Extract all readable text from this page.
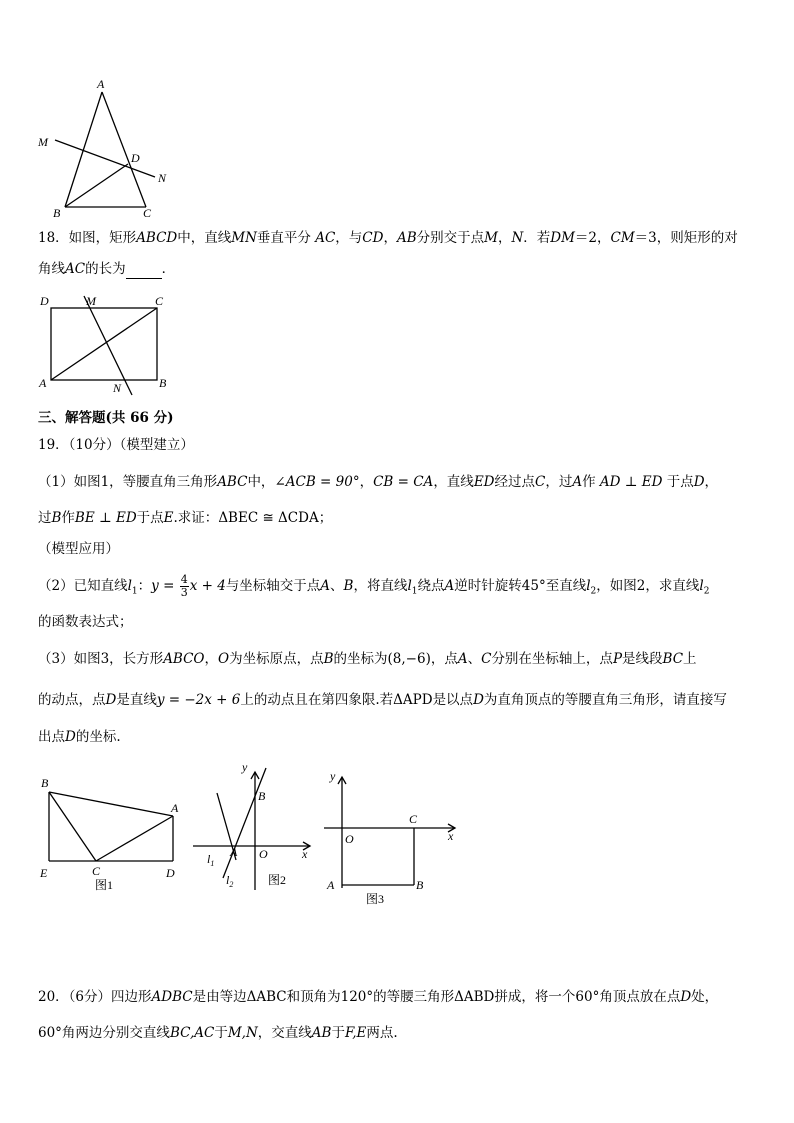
A
M
D
N
B	C
18．如图，矩形ABCD中，直线MN垂直平分 AC，与CD，AB分别交于点M，N．若DM＝2，CM＝3，则矩形的对
角线AC的长为	．
D	M	C
A	N	B
三、解答题(共 66 分)
19．（10分）（模型建立）
（1）如图1，等腰直角三角形ABC中，∠ACB = 90°，CB = CA，直线ED经过点C，过A作 AD ⊥ ED 于点D，
过B作BE ⊥ ED于点E.求证：ΔBEC ≅ ΔCDA；
（模型应用）
（2）已知直线$l_1$：$y = \frac{4}{3}$ x + 4与坐标轴交于点A、B，将直线$l_1$绕点A逆时针旋转45°至直线$l_2$，如图2，求直线$l_2$
的函数表达式；
（3）如图3，长方形ABCO，O为坐标原点，点B的坐标为(8,−6)，点A、C分别在坐标轴上，点P是线段BC上
的动点，点D是直线y = −2x + 6上的动点且在第四象限.若ΔAPD是以点D为直角顶点的等腰直角三角形，请直接写
出点D的坐标.
B
A
E	C	D
图1
y
B
$l_1$
A O	x
$l_2$	图2
y
C
x
O
A	B
图3
20．（6分）四边形ADBC是由等边ΔABC和顶角为120°的等腰三角形ΔABD拼成，将一个60°角顶点放在点D处，
60°角两边分别交直线BC,AC于M,N，交直线AB于F,E两点.
